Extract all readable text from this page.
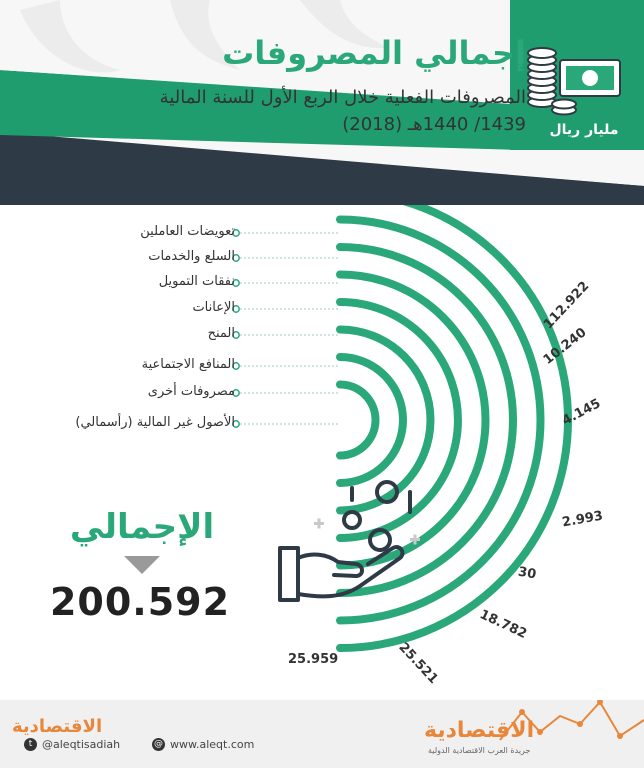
إجمالي المصروفات
المصروفات الفعلية خلال الربع الأول للسنة المالية 1439/ 1440هـ (2018)	مليار ريال
تعويضات العاملين
السلع والخدمات
نفقات التمويل
الإعانات
المنح
المنافع الاجتماعية
مصروفات أخرى
الأصول غير المالية (رأسمالي)
112.922
10.240
4.145
2.993
30
18.782
25.521
25.959
الإجمالي
200.592
الاقتصادية
t @aleqtisadiah	@ www.aleqt.com
الاقتصادية
جريدة العرب الاقتصادية الدولية
